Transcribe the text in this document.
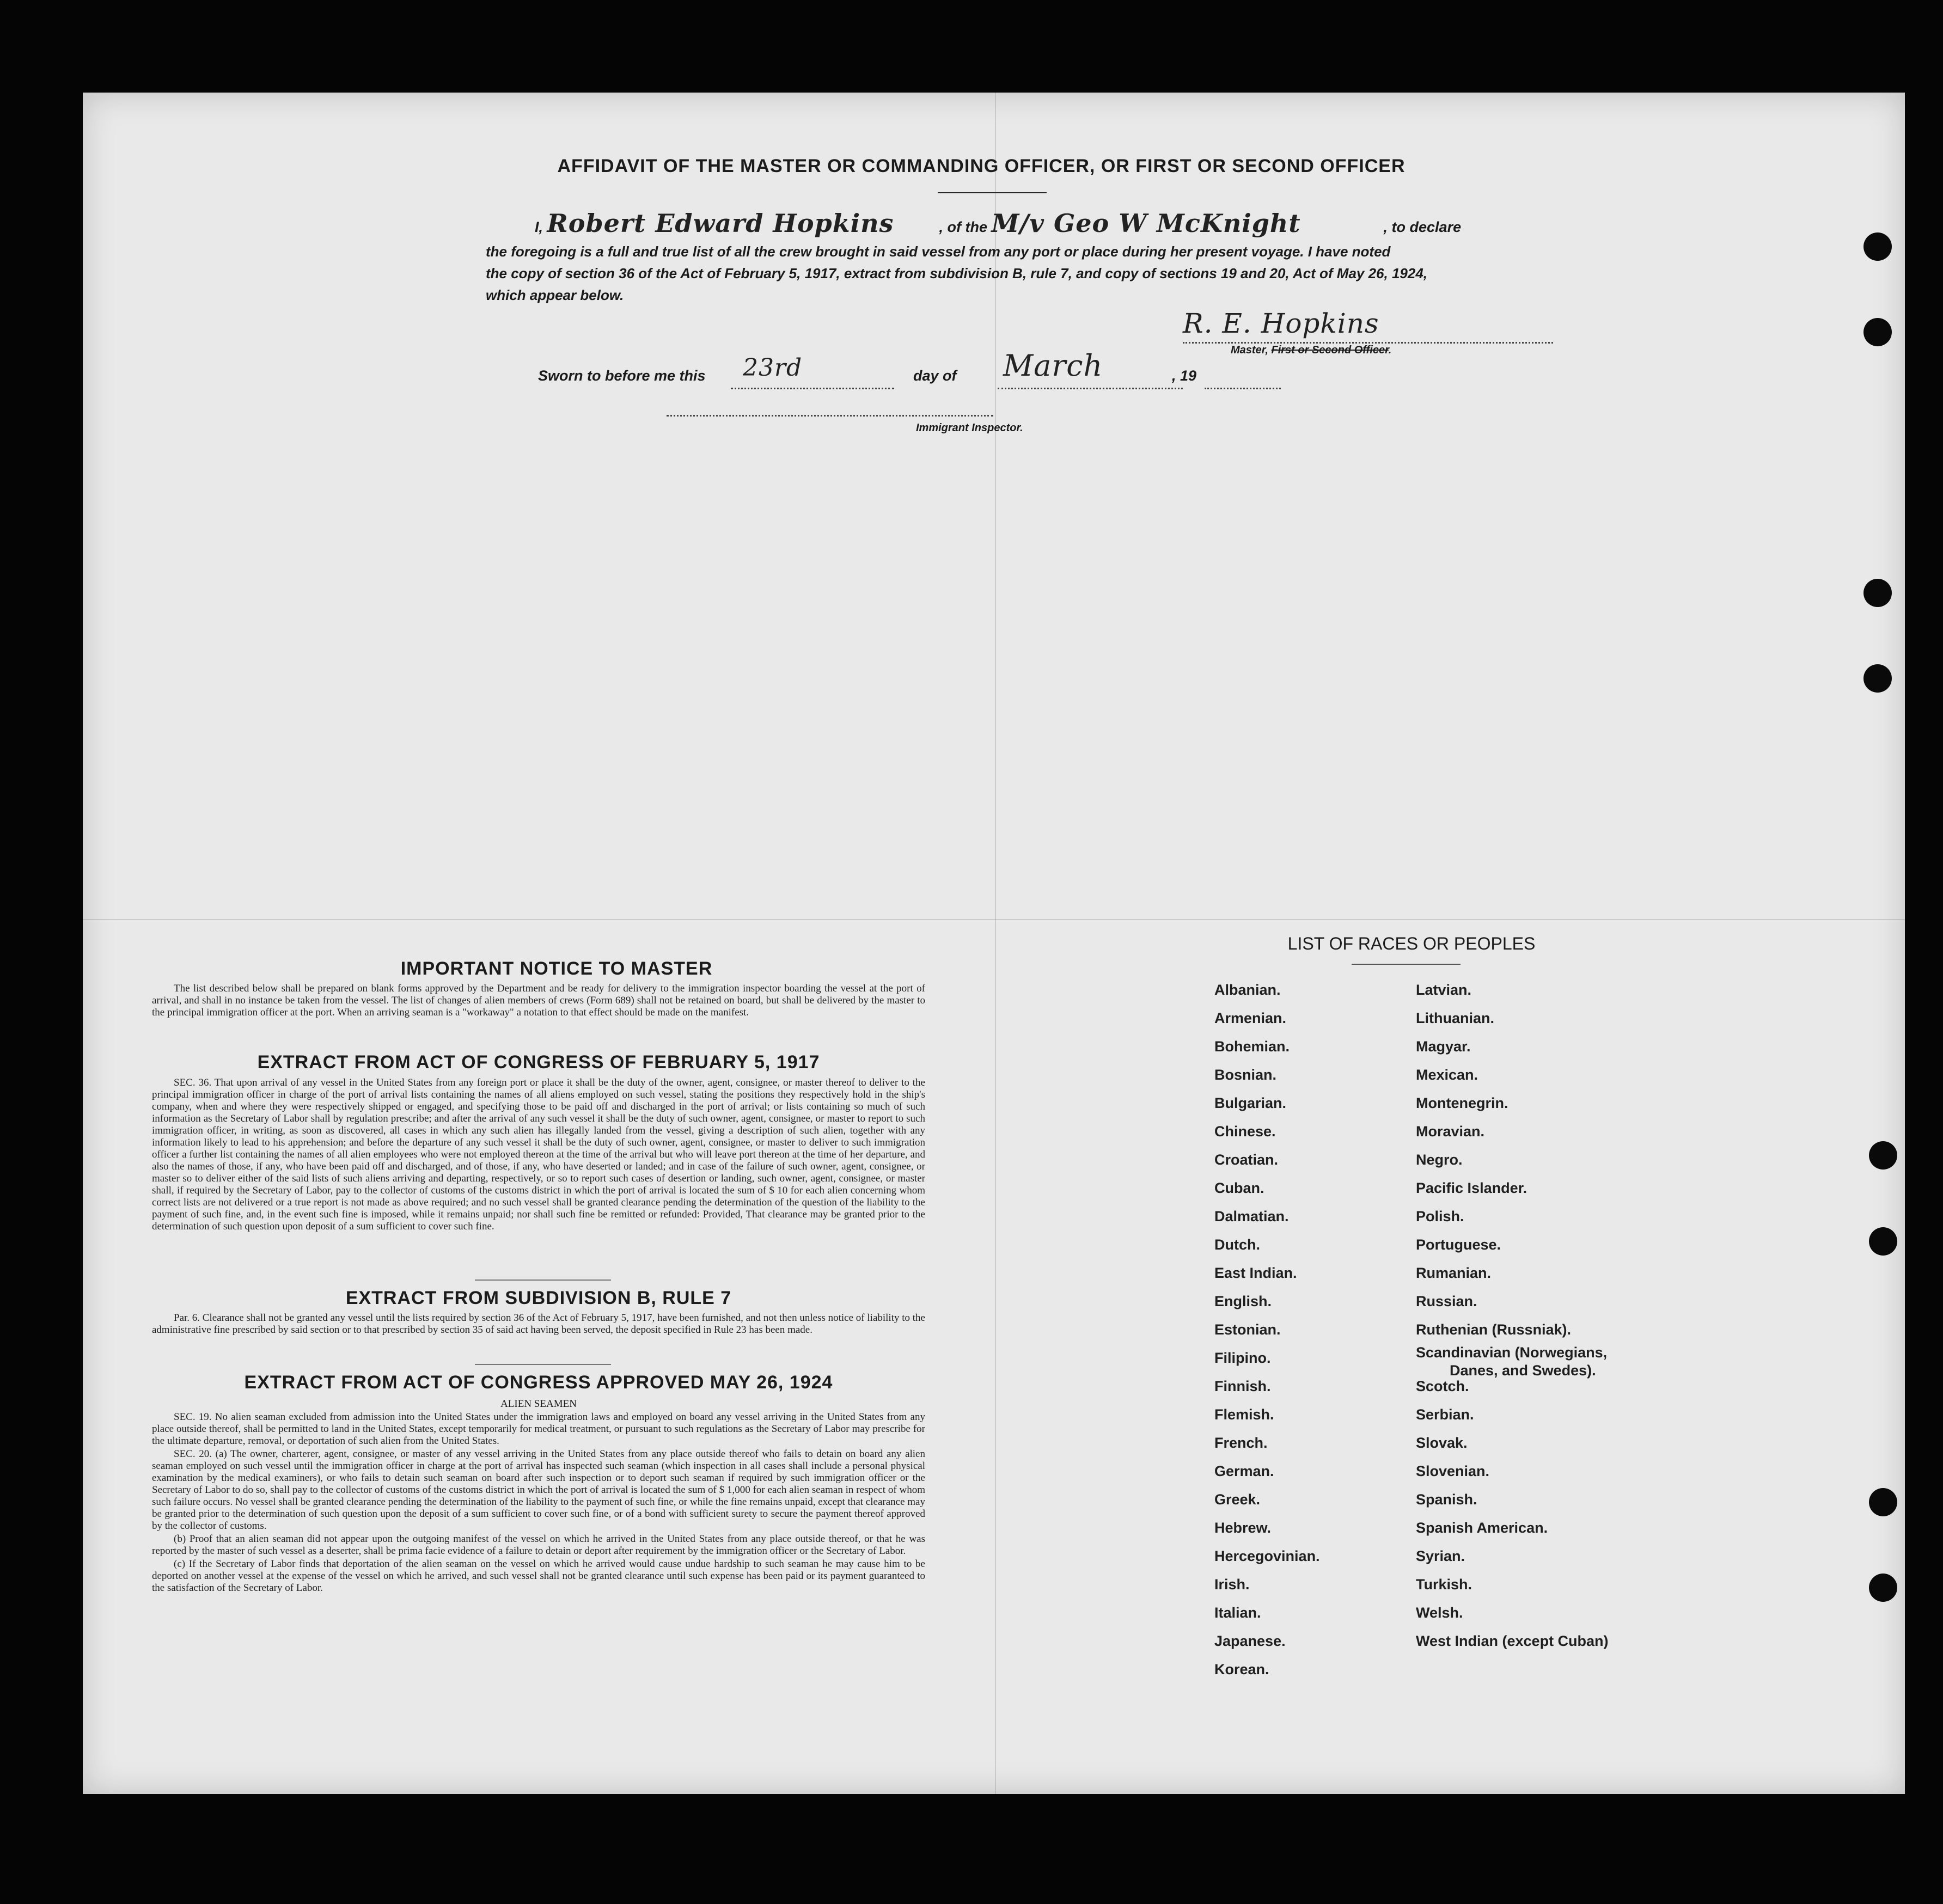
AFFIDAVIT OF THE MASTER OR COMMANDING OFFICER, OR FIRST OR SECOND OFFICER
I, Robert Edward Hopkins	, of the M/v Geo W McKnight	, to declare
the foregoing is a full and true list of all the crew brought in said vessel from any port or place during her present voyage. I have noted
the copy of section 36 of the Act of February 5, 1917, extract from subdivision B, rule 7, and copy of sections 19 and 20, Act of May 26, 1924,
which appear below.
R. E. Hopkins
Master, First or Second Officer.
Sworn to before me this	23rd	day of	March	, 19
Immigrant Inspector.
IMPORTANT NOTICE TO MASTER

The list described below shall be prepared on blank forms approved by the Department and be ready for delivery to the immigration inspector boarding the vessel at the port of arrival, and shall in no instance be taken from the vessel. The list of changes of alien members of crews (Form 689) shall not be retained on board, but shall be delivered by the master to the principal immigration officer at the port. When an arriving seaman is a "workaway" a notation to that effect should be made on the manifest.

EXTRACT FROM ACT OF CONGRESS OF FEBRUARY 5, 1917

SEC. 36. That upon arrival of any vessel in the United States from any foreign port or place it shall be the duty of the owner, agent, consignee, or master thereof to deliver to the principal immigration officer in charge of the port of arrival lists containing the names of all aliens employed on such vessel, stating the positions they respectively hold in the ship's company, when and where they were respectively shipped or engaged, and specifying those to be paid off and discharged in the port of arrival; or lists containing so much of such information as the Secretary of Labor shall by regulation prescribe; and after the arrival of any such vessel it shall be the duty of such owner, agent, consignee, or master to report to such immigration officer, in writing, as soon as discovered, all cases in which any such alien has illegally landed from the vessel, giving a description of such alien, together with any information likely to lead to his apprehension; and before the departure of any such vessel it shall be the duty of such owner, agent, consignee, or master to deliver to such immigration officer a further list containing the names of all alien employees who were not employed thereon at the time of the arrival but who will leave port thereon at the time of her departure, and also the names of those, if any, who have been paid off and discharged, and of those, if any, who have deserted or landed; and in case of the failure of such owner, agent, consignee, or master so to deliver either of the said lists of such aliens arriving and departing, respectively, or so to report such cases of desertion or landing, such owner, agent, consignee, or master shall, if required by the Secretary of Labor, pay to the collector of customs of the customs district in which the port of arrival is located the sum of $ 10 for each alien concerning whom correct lists are not delivered or a true report is not made as above required; and no such vessel shall be granted clearance pending the determination of the question of the liability to the payment of such fine, and, in the event such fine is imposed, while it remains unpaid; nor shall such fine be remitted or refunded: Provided, That clearance may be granted prior to the determination of such question upon deposit of a sum sufficient to cover such fine.

EXTRACT FROM SUBDIVISION B, RULE 7

Par. 6. Clearance shall not be granted any vessel until the lists required by section 36 of the Act of February 5, 1917, have been furnished, and not then unless notice of liability to the administrative fine prescribed by said section or to that prescribed by section 35 of said act having been served, the deposit specified in Rule 23 has been made.

EXTRACT FROM ACT OF CONGRESS APPROVED MAY 26, 1924
ALIEN SEAMEN

SEC. 19. No alien seaman excluded from admission into the United States under the immigration laws and employed on board any vessel arriving in the United States from any place outside thereof, shall be permitted to land in the United States, except temporarily for medical treatment, or pursuant to such regulations as the Secretary of Labor may prescribe for the ultimate departure, removal, or deportation of such alien from the United States.

SEC. 20. (a) The owner, charterer, agent, consignee, or master of any vessel arriving in the United States from any place outside thereof who fails to detain on board any alien seaman employed on such vessel until the immigration officer in charge at the port of arrival has inspected such seaman (which inspection in all cases shall include a personal physical examination by the medical examiners), or who fails to detain such seaman on board after such inspection or to deport such seaman if required by such immigration officer or the Secretary of Labor to do so, shall pay to the collector of customs of the customs district in which the port of arrival is located the sum of $ 1,000 for each alien seaman in respect of whom such failure occurs. No vessel shall be granted clearance pending the determination of the liability to the payment of such fine, or while the fine remains unpaid, except that clearance may be granted prior to the determination of such question upon the deposit of a sum sufficient to cover such fine, or of a bond with sufficient surety to secure the payment thereof approved by the collector of customs.

(b) Proof that an alien seaman did not appear upon the outgoing manifest of the vessel on which he arrived in the United States from any place outside thereof, or that he was reported by the master of such vessel as a deserter, shall be prima facie evidence of a failure to detain or deport after requirement by the immigration officer or the Secretary of Labor.

(c) If the Secretary of Labor finds that deportation of the alien seaman on the vessel on which he arrived would cause undue hardship to such seaman he may cause him to be deported on another vessel at the expense of the vessel on which he arrived, and such vessel shall not be granted clearance until such expense has been paid or its payment guaranteed to the satisfaction of the Secretary of Labor.

LIST OF RACES OR PEOPLES
Albanian.
Armenian.
Bohemian.
Bosnian.
Bulgarian.
Chinese.
Croatian.
Cuban.
Dalmatian.
Dutch.
East Indian.
English.
Estonian.
Filipino.
Finnish.
Flemish.
French.
German.
Greek.
Hebrew.
Hercegovinian.
Irish.
Italian.
Japanese.
Korean.
Latvian.
Lithuanian.
Magyar.
Mexican.
Montenegrin.
Moravian.
Negro.
Pacific Islander.
Polish.
Portuguese.
Rumanian.
Russian.
Ruthenian (Russniak).
Scandinavian (Norwegians,
Danes, and Swedes).
Scotch.
Serbian.
Slovak.
Slovenian.
Spanish.
Spanish American.
Syrian.
Turkish.
Welsh.
West Indian (except Cuban)
